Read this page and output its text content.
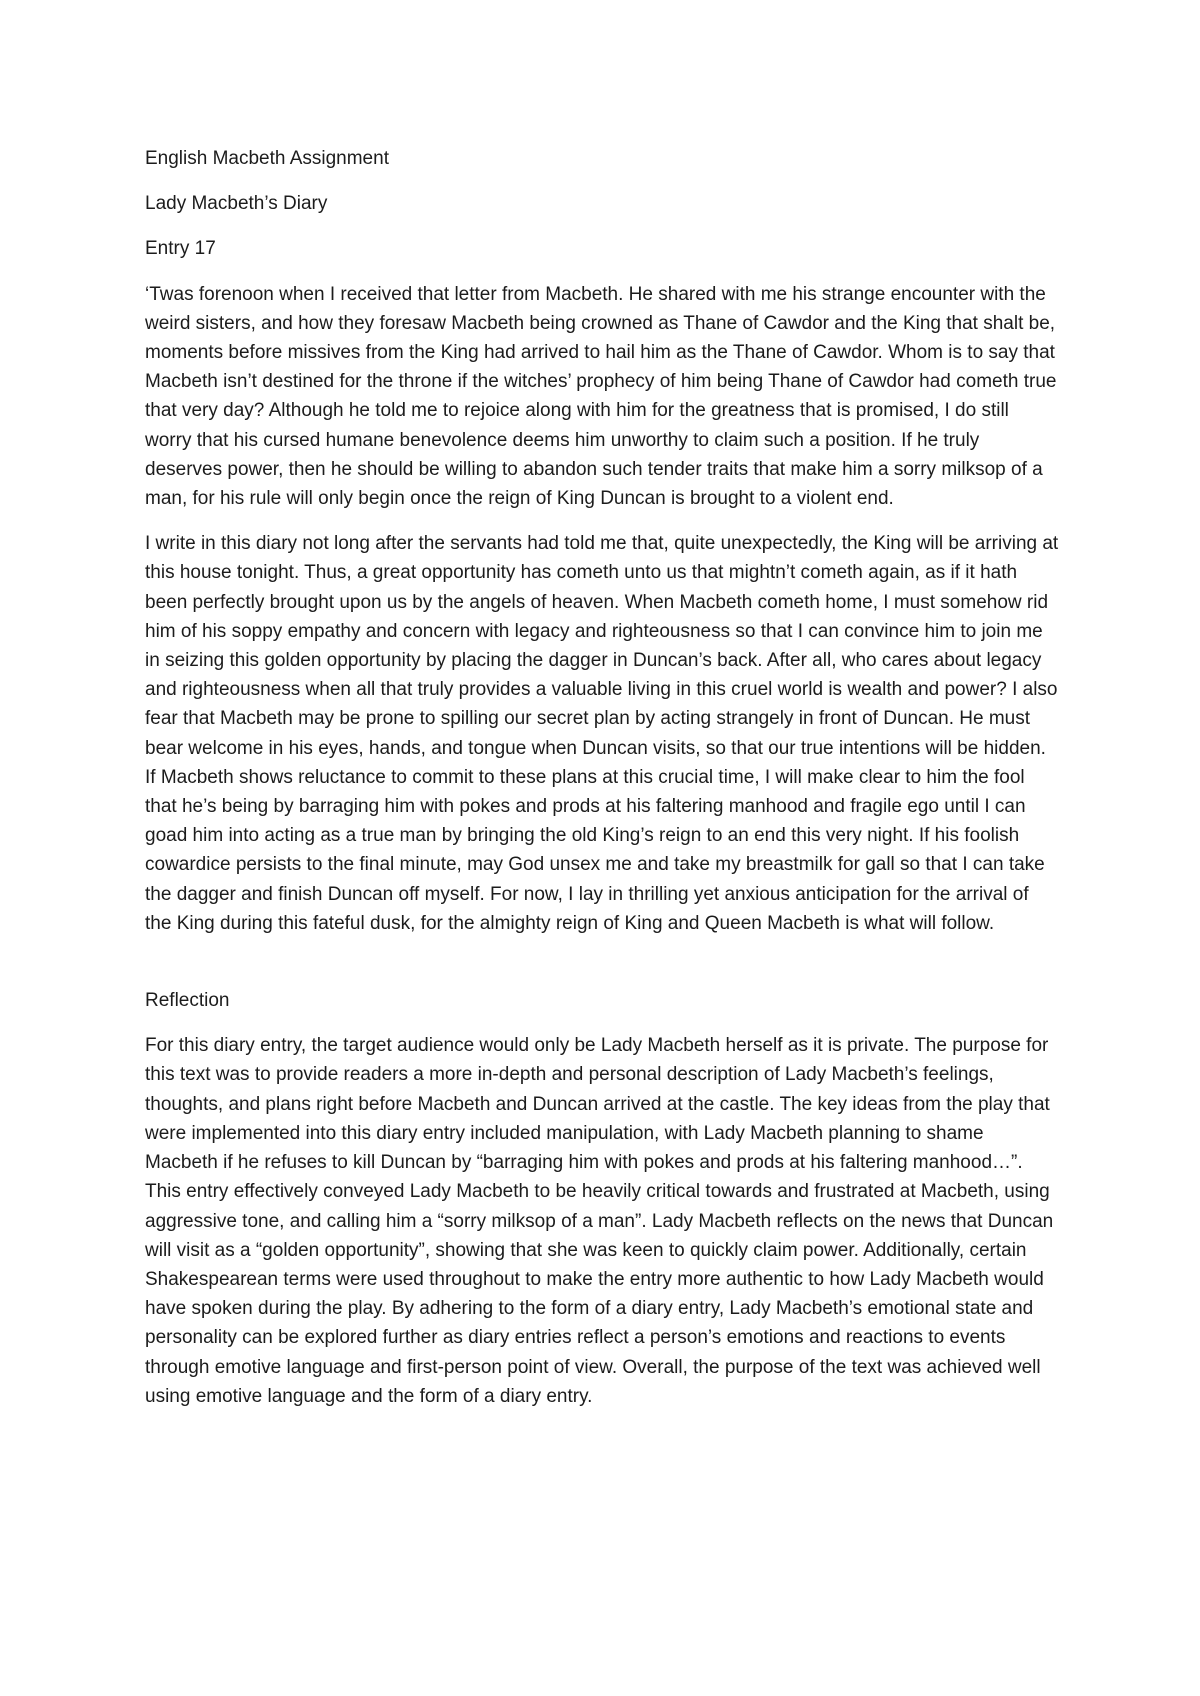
English Macbeth Assignment

Lady Macbeth’s Diary

Entry 17

‘Twas forenoon when I received that letter from Macbeth. He shared with me his strange encounter with the weird sisters, and how they foresaw Macbeth being crowned as Thane of Cawdor and the King that shalt be, moments before missives from the King had arrived to hail him as the Thane of Cawdor. Whom is to say that Macbeth isn’t destined for the throne if the witches’ prophecy of him being Thane of Cawdor had cometh true that very day? Although he told me to rejoice along with him for the greatness that is promised, I do still worry that his cursed humane benevolence deems him unworthy to claim such a position. If he truly deserves power, then he should be willing to abandon such tender traits that make him a sorry milksop of a man, for his rule will only begin once the reign of King Duncan is brought to a violent end.

I write in this diary not long after the servants had told me that, quite unexpectedly, the King will be arriving at this house tonight. Thus, a great opportunity has cometh unto us that mightn’t cometh again, as if it hath been perfectly brought upon us by the angels of heaven. When Macbeth cometh home, I must somehow rid him of his soppy empathy and concern with legacy and righteousness so that I can convince him to join me in seizing this golden opportunity by placing the dagger in Duncan’s back. After all, who cares about legacy and righteousness when all that truly provides a valuable living in this cruel world is wealth and power? I also fear that Macbeth may be prone to spilling our secret plan by acting strangely in front of Duncan. He must bear welcome in his eyes, hands, and tongue when Duncan visits, so that our true intentions will be hidden. If Macbeth shows reluctance to commit to these plans at this crucial time, I will make clear to him the fool that he’s being by barraging him with pokes and prods at his faltering manhood and fragile ego until I can goad him into acting as a true man by bringing the old King’s reign to an end this very night. If his foolish cowardice persists to the final minute, may God unsex me and take my breastmilk for gall so that I can take the dagger and finish Duncan off myself. For now, I lay in thrilling yet anxious anticipation for the arrival of the King during this fateful dusk, for the almighty reign of King and Queen Macbeth is what will follow.

Reflection

For this diary entry, the target audience would only be Lady Macbeth herself as it is private. The purpose for this text was to provide readers a more in-depth and personal description of Lady Macbeth’s feelings, thoughts, and plans right before Macbeth and Duncan arrived at the castle. The key ideas from the play that were implemented into this diary entry included manipulation, with Lady Macbeth planning to shame Macbeth if he refuses to kill Duncan by “barraging him with pokes and prods at his faltering manhood…”. This entry effectively conveyed Lady Macbeth to be heavily critical towards and frustrated at Macbeth, using aggressive tone, and calling him a “sorry milksop of a man”. Lady Macbeth reflects on the news that Duncan will visit as a “golden opportunity”, showing that she was keen to quickly claim power. Additionally, certain Shakespearean terms were used throughout to make the entry more authentic to how Lady Macbeth would have spoken during the play. By adhering to the form of a diary entry, Lady Macbeth’s emotional state and personality can be explored further as diary entries reflect a person’s emotions and reactions to events through emotive language and first-person point of view. Overall, the purpose of the text was achieved well using emotive language and the form of a diary entry.
